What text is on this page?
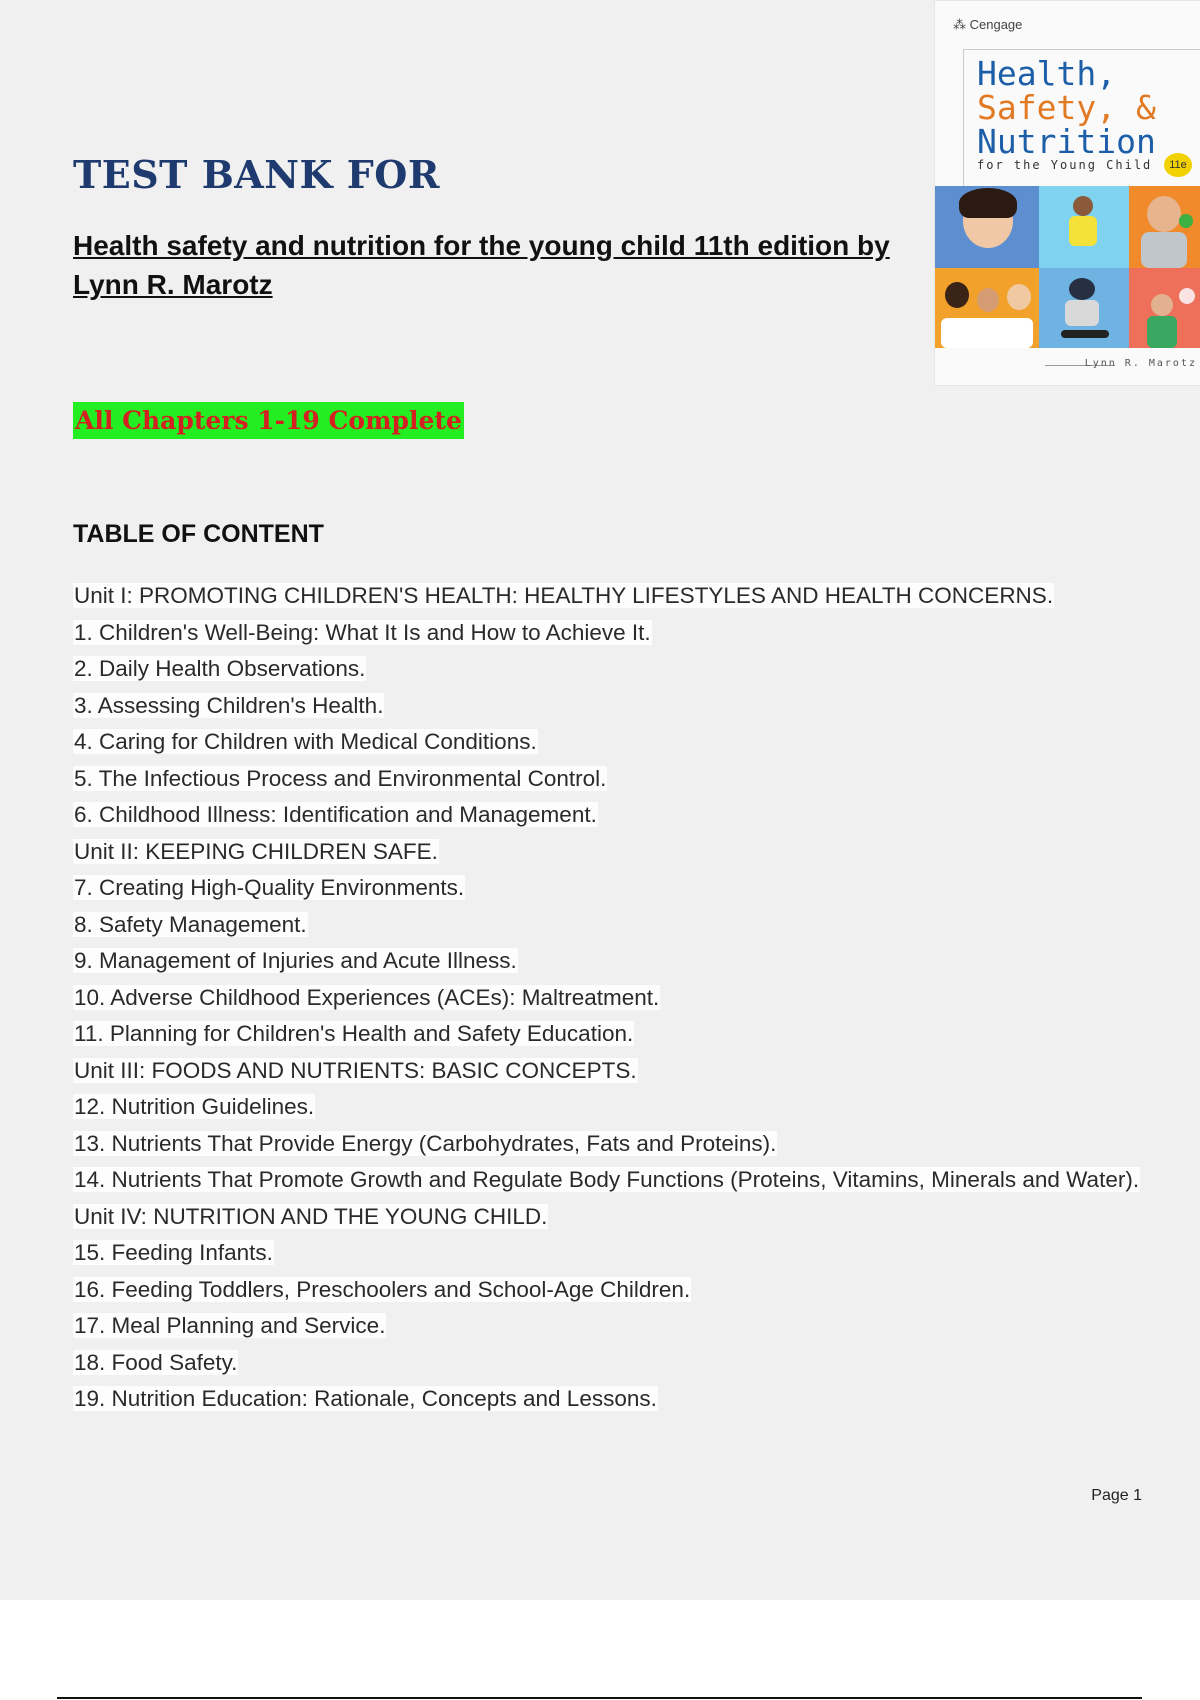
TEST BANK FOR
Health safety and nutrition for the young child 11th edition by Lynn R. Marotz
All Chapters 1-19 Complete
TABLE OF CONTENT
Unit I: PROMOTING CHILDREN'S HEALTH: HEALTHY LIFESTYLES AND HEALTH CONCERNS.
1. Children's Well-Being: What It Is and How to Achieve It.
2. Daily Health Observations.
3. Assessing Children's Health.
4. Caring for Children with Medical Conditions.
5. The Infectious Process and Environmental Control.
6. Childhood Illness: Identification and Management.
Unit II: KEEPING CHILDREN SAFE.
7. Creating High-Quality Environments.
8. Safety Management.
9. Management of Injuries and Acute Illness.
10. Adverse Childhood Experiences (ACEs): Maltreatment.
11. Planning for Children's Health and Safety Education.
Unit III: FOODS AND NUTRIENTS: BASIC CONCEPTS.
12. Nutrition Guidelines.
13. Nutrients That Provide Energy (Carbohydrates, Fats and Proteins).
14. Nutrients That Promote Growth and Regulate Body Functions (Proteins, Vitamins, Minerals and Water).
Unit IV: NUTRITION AND THE YOUNG CHILD.
15. Feeding Infants.
16. Feeding Toddlers, Preschoolers and School-Age Children.
17. Meal Planning and Service.
18. Food Safety.
19. Nutrition Education: Rationale, Concepts and Lessons.
Page 1
⁂ Cengage
Health,
Safety, &
Nutrition
for the Young Child	11e
Lynn R. Marotz
